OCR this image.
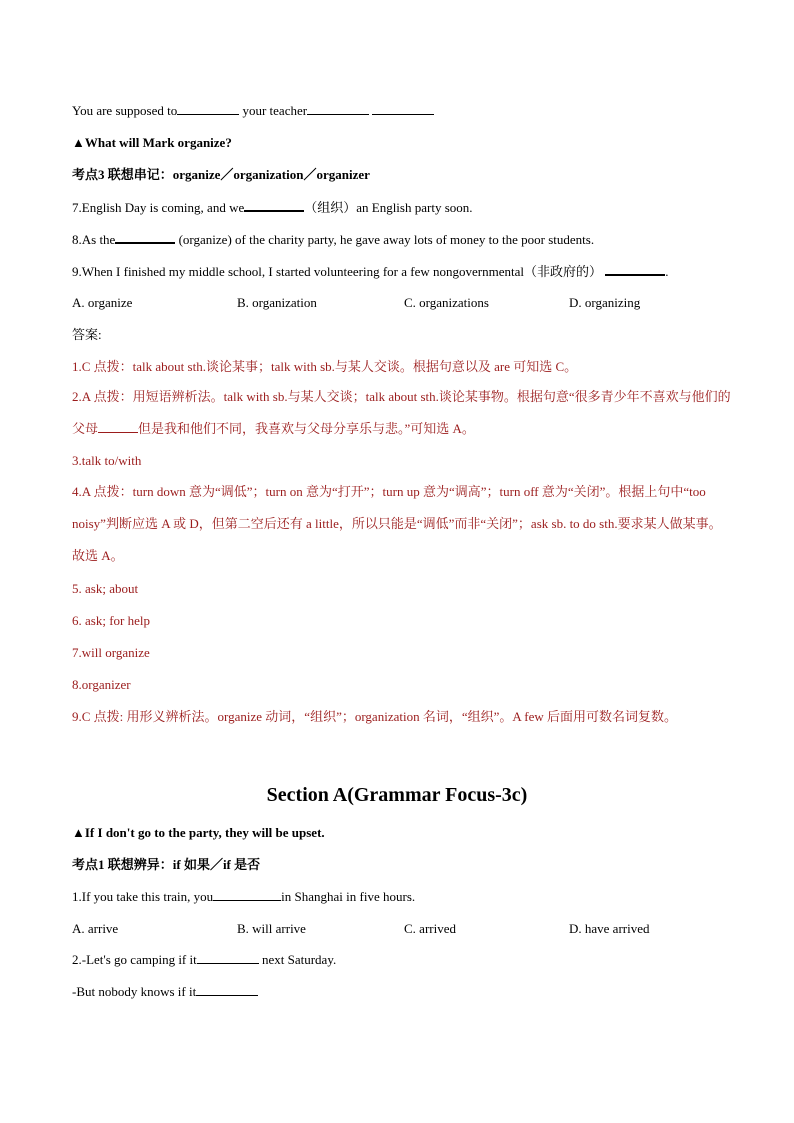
You are supposed to	your teacher
▲What will Mark organize?
考点3 联想串记：organize／organization／organizer
7.English Day is coming, and we	（组织）an English party soon.
8.As the	(organize) of the charity party, he gave away lots of money to the poor students.
9.When I finished my middle school, I started volunteering for a few nongovernmental（非政府的）	.
A. organize	B. organization	C. organizations	D. organizing
答案:
1.C 点拨：talk about sth.谈论某事；talk with sb.与某人交谈。根据句意以及 are 可知选 C。
2.A 点拨：用短语辨析法。talk with sb.与某人交谈；talk about sth.谈论某事物。根据句意“很多青少年不喜欢与他们的父母	但是我和他们不同，我喜欢与父母分享乐与悲。”可知选 A。
3.talk to/with
4.A 点拨：turn down 意为“调低”；turn on 意为“打开”；turn up 意为“调高”；turn off 意为“关闭”。根据上句中“too noisy”判断应选 A 或 D，但第二空后还有 a little，所以只能是“调低”而非“关闭”；ask sb. to do sth.要求某人做某事。故选 A。
5. ask; about
6. ask; for help
7.will organize
8.organizer
9.C 点拨: 用形义辨析法。organize 动词，“组织”；organization 名词，“组织”。A few 后面用可数名词复数。
Section A(Grammar Focus-3c)
▲If I don't go to the party, they will be upset.
考点1 联想辨异：if 如果／if 是否
1.If you take this train, you	in Shanghai in five hours.
A. arrive	B. will arrive	C. arrived	D. have arrived
2.-Let's go camping if it	next Saturday.
-But nobody knows if it
